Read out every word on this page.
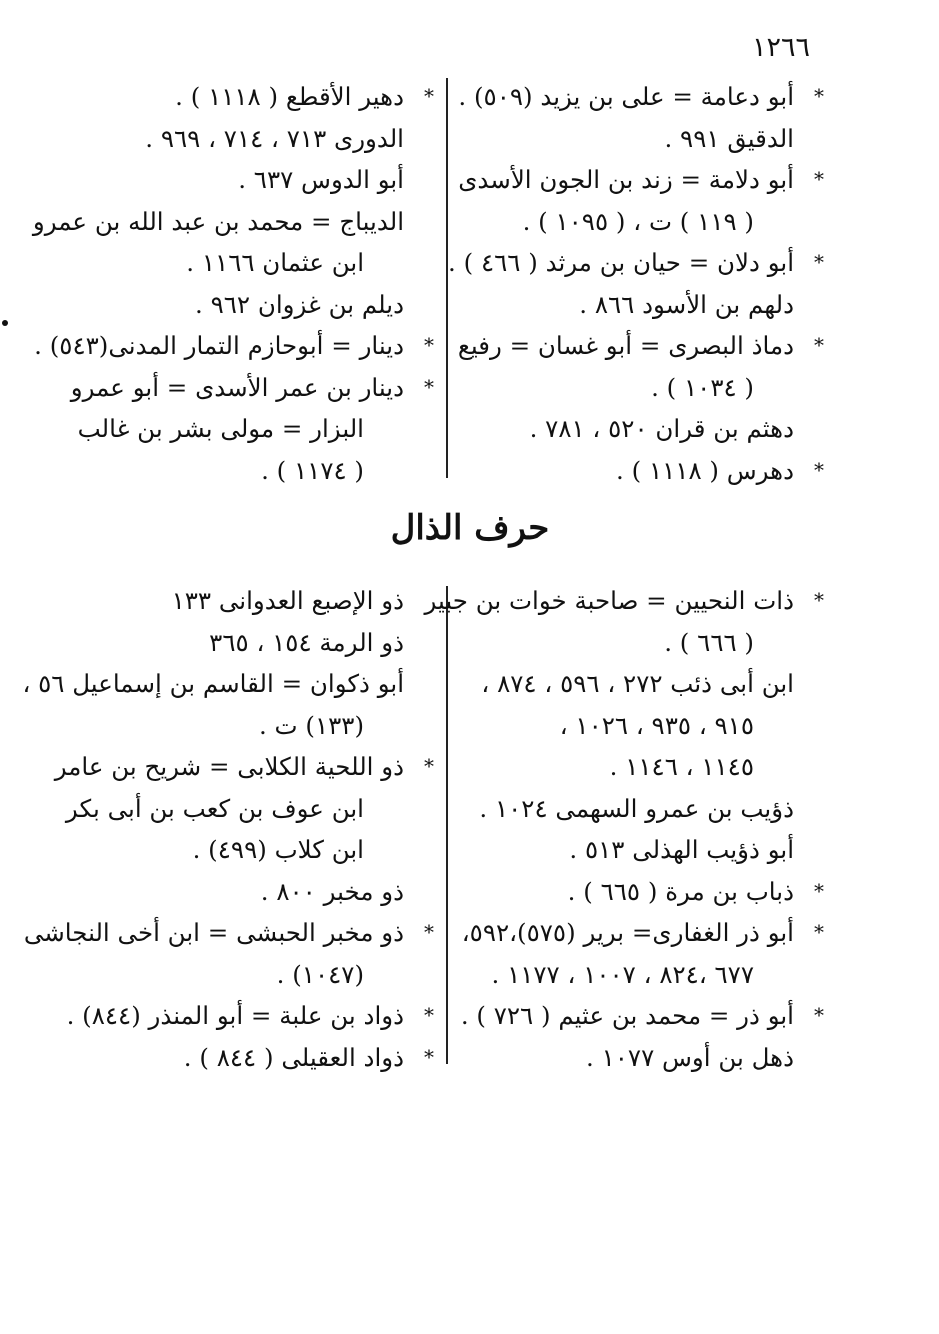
١٢٦٦
حرف الذال
*
أبو دعامة = على بن يزيد (٥٠٩) .
الدقيق ٩٩١ .
*
أبو دلامة = زند بن الجون الأسدى
( ١١٩ ) ت ، ( ١٠٩٥ ) .
*
أبو دلان = حيان بن مرثد ( ٤٦٦ ) .
دلهم بن الأسود ٨٦٦ .
*
دماذ البصرى = أبو غسان = رفيع
( ١٠٣٤ ) .
دهثم بن قران ٥٢٠ ، ٧٨١ .
*
دهرس ( ١١١٨ ) .
*
دهير الأقطع ( ١١١٨ ) .
الدورى ٧١٣ ، ٧١٤ ، ٩٦٩ .
أبو الدوس ٦٣٧ .
الديباج = محمد بن عبد الله بن عمرو
ابن عثمان ١١٦٦ .
ديلم بن غزوان ٩٦٢ .
*
دينار = أبوحازم التمار المدنى(٥٤٣) .
*
دينار بن عمر الأسدى = أبو عمرو
البزار = مولى بشر بن غالب
( ١١٧٤ ) .
*
ذات النحيين = صاحبة خوات بن جبير
( ٦٦٦ ) .
ابن أبى ذئب ٢٧٢ ، ٥٩٦ ، ٨٧٤ ،
٩١٥ ، ٩٣٥ ، ١٠٢٦ ،
١١٤٥ ، ١١٤٦ .
ذؤيب بن عمرو السهمى ١٠٢٤ .
أبو ذؤيب الهذلى ٥١٣ .
*
ذباب بن مرة ( ٦٦٥ ) .
*
أبو ذر الغفارى= برير (٥٧٥)،٥٩٢،
٦٧٧ ،٨٢٤ ، ١٠٠٧ ، ١١٧٧ .
*
أبو ذر = محمد بن عثيم ( ٧٢٦ ) .
ذهل بن أوس ١٠٧٧ .
ذو الإصبع العدوانى ١٣٣
ذو الرمة ١٥٤ ، ٣٦٥
أبو ذكوان = القاسم بن إسماعيل ٥٦ ،
(١٣٣) ت .
*
ذو اللحية الكلابى = شريح بن عامر
ابن عوف بن كعب بن أبى بكر
ابن كلاب (٤٩٩) .
ذو مخبر ٨٠٠ .
*
ذو مخبر الحبشى = ابن أخى النجاشى
(١٠٤٧) .
*
ذواد بن علبة = أبو المنذر (٨٤٤) .
*
ذواد العقيلى ( ٨٤٤ ) .
